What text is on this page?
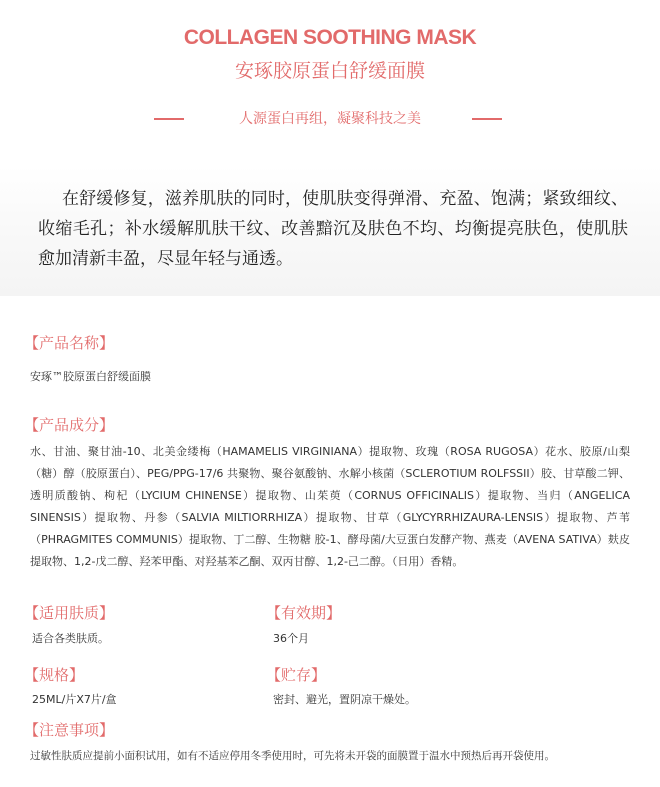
COLLAGEN SOOTHING MASK
安琢胶原蛋白舒缓面膜
人源蛋白再组，凝聚科技之美
在舒缓修复，滋养肌肤的同时，使肌肤变得弹滑、充盈、饱满；紧致细纹、收缩毛孔；补水缓解肌肤干纹、改善黯沉及肤色不均、均衡提亮肤色，使肌肤愈加清新丰盈，尽显年轻与通透。
【产品名称】
安琢™胶原蛋白舒缓面膜
【产品成分】
水、甘油、聚甘油-10、北美金缕梅（HAMAMELIS VIRGINIANA）提取物、玫瑰（ROSA RUGOSA）花水、胶原/山梨（糖）醇（胶原蛋白）、PEG/PPG-17/6 共聚物、聚谷氨酸钠、水解小核菌（SCLEROTIUM ROLFSSII）胶、甘草酸二钾、透明质酸钠、枸杞（LYCIUM CHINENSE）提取物、山茱萸（CORNUS OFFICINALIS）提取物、当归（ANGELICA SINENSIS）提取物、丹参（SALVIA MILTIORRHIZA）提取物、甘草（GLYCYRRHIZAURA-LENSIS）提取物、芦苇（PHRAGMITES COMMUNIS）提取物、丁二醇、生物糖 胶-1、酵母菌/大豆蛋白发酵产物、燕麦（AVENA SATIVA）麸皮提取物、1,2-戊二醇、羟苯甲酯、对羟基苯乙酮、双丙甘醇、1,2-己二醇。（日用）香精。
【适用肤质】
适合各类肤质。
【有效期】
36个月
【规格】
25ML/片X7片/盒
【贮存】
密封、避光，置阴凉干燥处。
【注意事项】
过敏性肤质应提前小面积试用，如有不适应停用冬季使用时，可先将未开袋的面膜置于温水中预热后再开袋使用。
